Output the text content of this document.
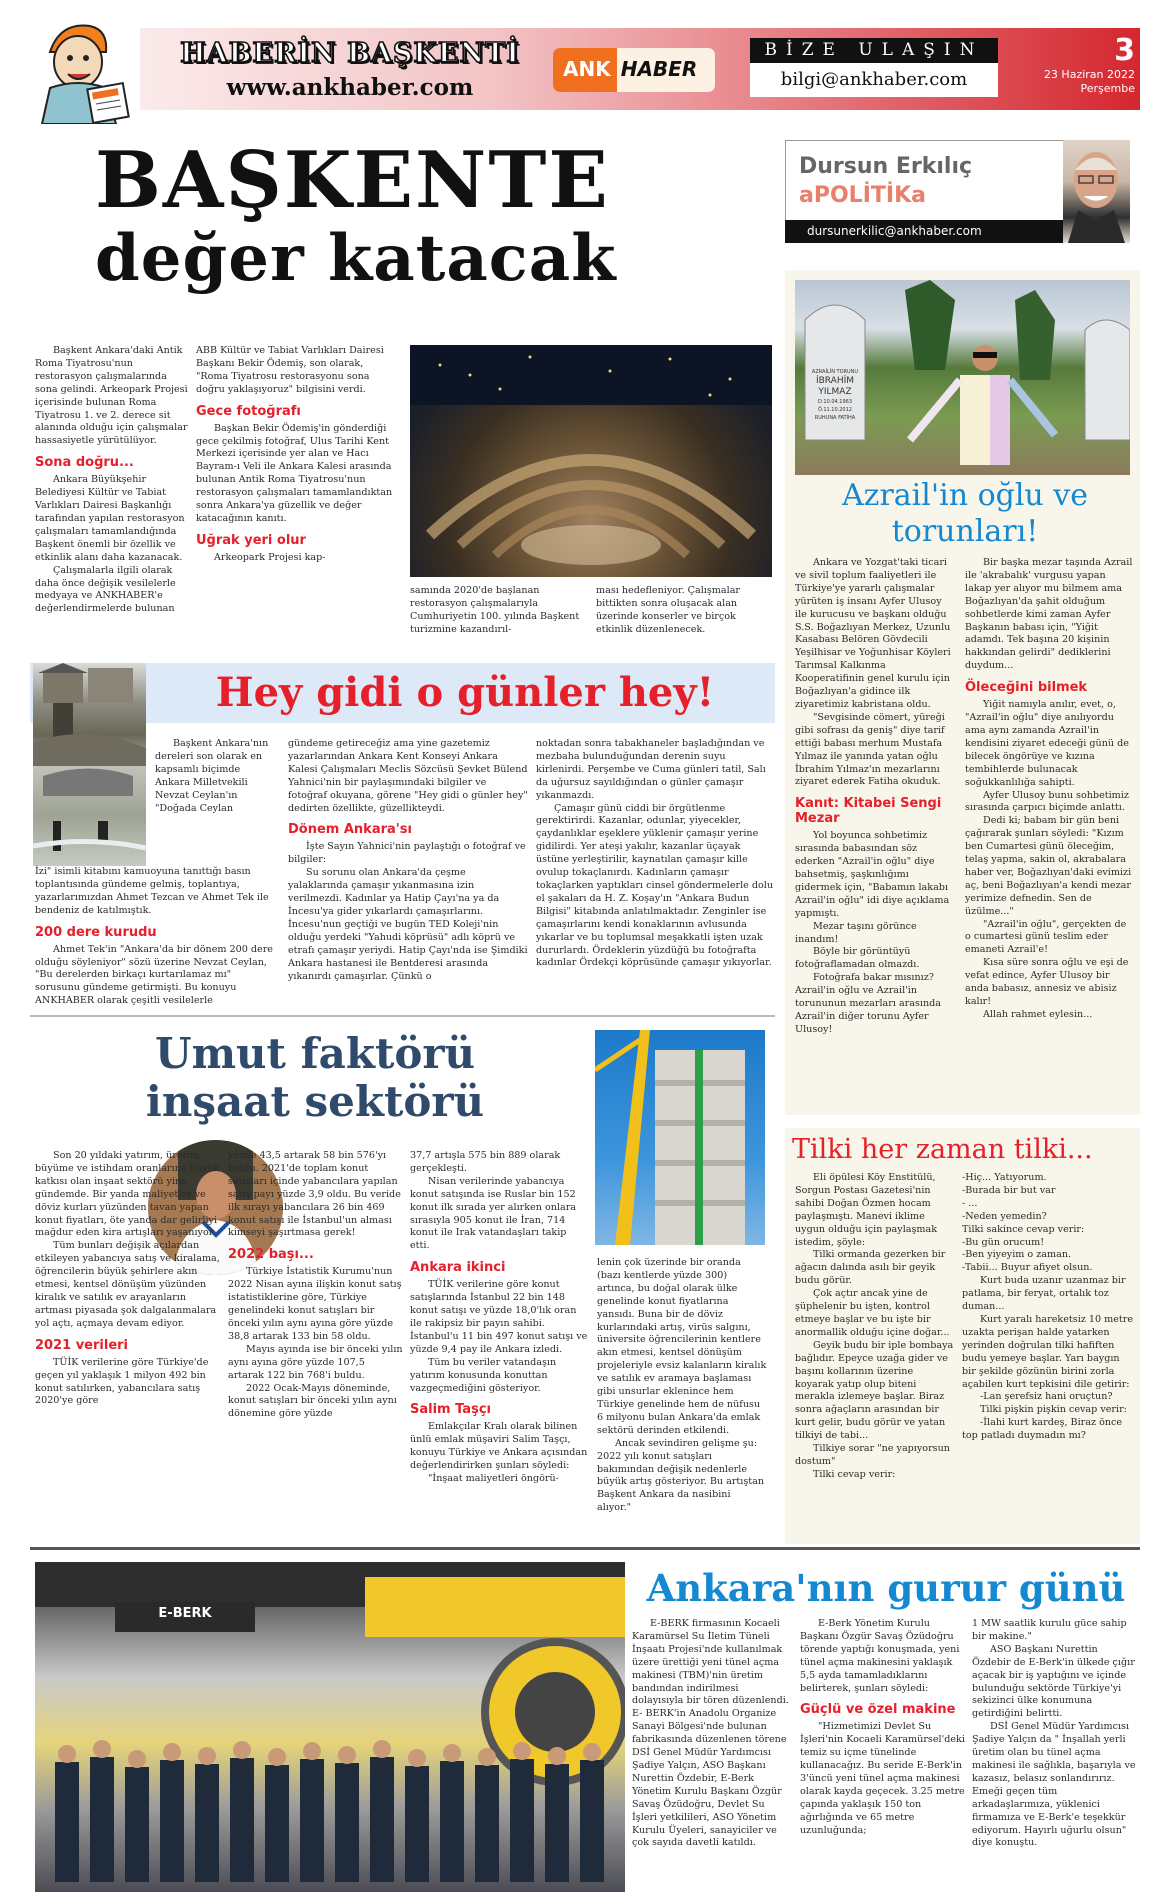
HABERİN BAŞKENTİ
www.ankhaber.com
ANK HABER
BİZE ULAŞIN
bilgi@ankhaber.com
3
23 Haziran 2022
Perşembe
BAŞKENTE
değer katacak

Başkent Ankara'daki Antik Roma Tiyatrosu'nun restorasyon çalışmalarında sona gelindi. Arkeopark Projesi içerisinde bulunan Roma Tiyatrosu 1. ve 2. derece sit alanında olduğu için çalışmalar hassasiyetle yürütülüyor.

Sona doğru...

Ankara Büyükşehir Belediyesi Kültür ve Tabiat Varlıkları Dairesi Başkanlığı tarafından yapılan restorasyon çalışmaları tamamlandığında Başkent önemli bir özellik ve etkinlik alanı daha kazanacak.

Çalışmalarla ilgili olarak daha önce değişik vesilelerle medyaya ve ANKHABER'e değerlendirmelerde bulunan

ABB Kültür ve Tabiat Varlıkları Dairesi Başkanı Bekir Ödemiş, son olarak, "Roma Tiyatrosu restorasyonu sona doğru yaklaşıyoruz" bilgisini verdi.

Gece fotoğrafı

Başkan Bekir Ödemiş'in gönderdiği gece çekilmiş fotoğraf, Ulus Tarihi Kent Merkezi içerisinde yer alan ve Hacı Bayram-ı Veli ile Ankara Kalesi arasında bulunan Antik Roma Tiyatrosu'nun restorasyon çalışmaları tamamlandıktan sonra Ankara'ya güzellik ve değer katacağının kanıtı.

Uğrak yeri olur

Arkeopark Projesi kap-

samında 2020'de başlanan restorasyon çalışmalarıyla Cumhuriyetin 100. yılında Başkent turizmine kazandırıl-

ması hedefleniyor. Çalışmalar bittikten sonra oluşacak alan üzerinde konserler ve birçok etkinlik düzenlenecek.

Dursun Erkılıç
aPOLİTİKa
dursunerkilic@ankhaber.com
AZRAİLİN TORUNU
İBRAHİM
YILMAZ
D.10.04.1963
Ö.11.10.2012
RUHUNA FATİHA
Azrail'in oğlu ve torunları!

Ankara ve Yozgat'taki ticari ve sivil toplum faaliyetleri ile Türkiye'ye yararlı çalışmalar yürüten iş insanı Ayfer Ulusoy ile kurucusu ve başkanı olduğu S.S. Boğazlıyan Merkez, Uzunlu Kasabası Belören Gövdecili Yeşilhisar ve Yoğunhisar Köyleri Tarımsal Kalkınma Kooperatifinin genel kurulu için Boğazlıyan'a gidince ilk ziyaretimiz kabristana oldu.

"Sevgisinde cömert, yüreği gibi sofrası da geniş" diye tarif ettiği babası merhum Mustafa Yılmaz ile yanında yatan oğlu İbrahim Yılmaz'ın mezarlarını ziyaret ederek Fatiha okuduk.

Kanıt: Kitabei Sengi Mezar

Yol boyunca sohbetimiz sırasında babasından söz ederken "Azrail'in oğlu" diye bahsetmiş, şaşkınlığımı gidermek için, "Babamın lakabı Azrail'in oğlu" idi diye açıklama yapmıştı.

Mezar taşını görünce inandım!

Böyle bir görüntüyü fotoğraflamadan olmazdı.

Fotoğrafa bakar mısınız? Azrail'in oğlu ve Azrail'in torununun mezarları arasında Azrail'in diğer torunu Ayfer Ulusoy!

Bir başka mezar taşında Azrail ile 'akrabalık' vurgusu yapan lakap yer alıyor mu bilmem ama Boğazlıyan'da şahit olduğum sohbetlerde kimi zaman Ayfer Başkanın babası için, "Yiğit adamdı. Tek başına 20 kişinin hakkından gelirdi" dediklerini duydum...

Öleceğini bilmek

Yiğit namıyla anılır, evet, o, "Azrail'in oğlu" diye anılıyordu ama aynı zamanda Azrail'in kendisini ziyaret edeceği günü de bilecek öngörüye ve kızına tembihlerde bulunacak soğukkanlılığa sahipti.

Ayfer Ulusoy bunu sohbetimiz sırasında çarpıcı biçimde anlattı.

Dedi ki; babam bir gün beni çağırarak şunları söyledi: "Kızım ben Cumartesi günü öleceğim, telaş yapma, sakin ol, akrabalara haber ver, Boğazlıyan'daki evimizi aç, beni Boğazlıyan'a kendi mezar yerimize defnedin. Sen de üzülme..."

"Azrail'in oğlu", gerçekten de o cumartesi günü teslim eder emaneti Azrail'e!

Kısa süre sonra oğlu ve eşi de vefat edince, Ayfer Ulusoy bir anda babasız, annesiz ve abisiz kalır!

Allah rahmet eylesin...

Hey gidi o günler hey!

Başkent Ankara'nın dereleri son olarak en kapsamlı biçimde Ankara Milletvekili Nevzat Ceylan'ın "Doğada Ceylan

İzi" isimli kitabını kamuoyuna tanıttığı basın toplantısında gündeme gelmiş, toplantıya, yazarlarımızdan Ahmet Tezcan ve Ahmet Tek ile bendeniz de katılmıştık.

200 dere kurudu

Ahmet Tek'in "Ankara'da bir dönem 200 dere olduğu söyleniyor" sözü üzerine Nevzat Ceylan, "Bu derelerden birkaçı kurtarılamaz mı" sorusunu gündeme getirmişti. Bu konuyu ANKHABER olarak çeşitli vesilelerle

gündeme getireceğiz ama yine gazetemiz yazarlarından Ankara Kent Konseyi Ankara Kalesi Çalışmaları Meclis Sözcüsü Şevket Bülend Yahnici'nin bir paylaşımındaki bilgiler ve fotoğraf okuyana, görene "Hey gidi o günler hey" dedirten özellikte, güzellikteydi.

Dönem Ankara'sı

İşte Sayın Yahnici'nin paylaştığı o fotoğraf ve bilgiler:

Su sorunu olan Ankara'da çeşme yalaklarında çamaşır yıkanmasına izin verilmezdi. Kadınlar ya Hatip Çayı'na ya da İncesu'ya gider yıkarlardı çamaşırlarını. İncesu'nun geçtiği ve bugün TED Koleji'nin olduğu yerdeki "Yahudi köprüsü" adlı köprü ve etrafı çamaşır yeriydi. Hatip Çayı'nda ise Şimdiki Ankara hastanesi ile Bentderesi arasında yıkanırdı çamaşırlar. Çünkü o

noktadan sonra tabakhaneler başladığından ve mezbaha bulunduğundan derenin suyu kirlenirdi. Perşembe ve Cuma günleri tatil, Salı da uğursuz sayıldığından o günler çamaşır yıkanmazdı.

Çamaşır günü ciddi bir örgütlenme gerektirirdi. Kazanlar, odunlar, yiyecekler, çaydanlıklar eşeklere yüklenir çamaşır yerine gidilirdi. Yer ateşi yakılır, kazanlar üçayak üstüne yerleştirilir, kaynatılan çamaşır kille ovulup tokaçlanırdı. Kadınların çamaşır tokaçlarken yaptıkları cinsel göndermelerle dolu el şakaları da H. Z. Koşay'ın "Ankara Budun Bilgisi" kitabında anlatılmaktadır. Zenginler ise çamaşırlarını kendi konaklarının avlusunda yıkarlar ve bu toplumsal meşakkatli işten uzak dururlardı. Ördeklerin yüzdüğü bu fotoğrafta kadınlar Ördekçi köprüsünde çamaşır yıkıyorlar.

Umut faktörü
inşaat sektörü

Son 20 yıldaki yatırım, üretim, büyüme ve istihdam oranlarına büyük katkısı olan inşaat sektörü yine gündemde. Bir yanda maliyetler ve döviz kurları yüzünden tavan yapan konut fiyatları, öte yanda dar gelirliyi mağdur eden kira artışları yaşanıyor.

Tüm bunları değişik açılardan etkileyen yabancıya satış ve kiralama, öğrencilerin büyük şehirlere akın etmesi, kentsel dönüşüm yüzünden kiralık ve satılık ev arayanların artması piyasada şok dalgalanmalara yol açtı, açmaya devam ediyor.

2021 verileri

TÜİK verilerine göre Türkiye'de geçen yıl yaklaşık 1 milyon 492 bin konut satılırken, yabancılara satış 2020'ye göre

yüzde 43,5 artarak 58 bin 576'yı buldu. 2021'de toplam konut satışları içinde yabancılara yapılan satış payı yüzde 3,9 oldu. Bu veride ilk sırayı yabancılara 26 bin 469 konut satışı ile İstanbul'un alması kimseyi şaşırtmasa gerek!

2022 başı...

Türkiye İstatistik Kurumu'nun 2022 Nisan ayına ilişkin konut satış istatistiklerine göre, Türkiye genelindeki konut satışları bir önceki yılın aynı ayına göre yüzde 38,8 artarak 133 bin 58 oldu.

Mayıs ayında ise bir önceki yılın aynı ayına göre yüzde 107,5 artarak 122 bin 768'i buldu.

2022 Ocak-Mayıs döneminde, konut satışları bir önceki yılın aynı dönemine göre yüzde

37,7 artışla 575 bin 889 olarak gerçekleşti.

Nisan verilerinde yabancıya konut satışında ise Ruslar bin 152 konut ilk sırada yer alırken onlara sırasıyla 905 konut ile İran, 714 konut ile Irak vatandaşları takip etti.

Ankara ikinci

TÜİK verilerine göre konut satışlarında İstanbul 22 bin 148 konut satışı ve yüzde 18,0'lık oran ile rakipsiz bir payın sahibi. İstanbul'u 11 bin 497 konut satışı ve yüzde 9,4 pay ile Ankara izledi.

Tüm bu veriler vatandaşın yatırım konusunda konuttan vazgeçmediğini gösteriyor.

Salim Taşçı

Emlakçılar Kralı olarak bilinen ünlü emlak müşaviri Salim Taşçı, konuyu Türkiye ve Ankara açısından değerlendirirken şunları söyledi:

"İnşaat maliyetleri öngörü-

lenin çok üzerinde bir oranda (bazı kentlerde yüzde 300) artınca, bu doğal olarak ülke genelinde konut fiyatlarına yansıdı. Buna bir de döviz kurlarındaki artış, virüs salgını, üniversite öğrencilerinin kentlere akın etmesi, kentsel dönüşüm projeleriyle evsiz kalanların kiralık ve satılık ev aramaya başlaması gibi unsurlar eklenince hem Türkiye genelinde hem de nüfusu 6 milyonu bulan Ankara'da emlak sektörü derinden etkilendi.

Ancak sevindiren gelişme şu: 2022 yılı konut satışları bakımından değişik nedenlerle büyük artış gösteriyor. Bu artıştan Başkent Ankara da nasibini alıyor."

Tilki her zaman tilki...

Eli öpülesi Köy Enstitülü, Sorgun Postası Gazetesi'nin sahibi Doğan Özmen hocam paylaşmıştı. Manevi iklime uygun olduğu için paylaşmak istedim, şöyle:

Tilki ormanda gezerken bir ağacın dalında asılı bir geyik budu görür.

Çok açtır ancak yine de şüphelenir bu işten, kontrol etmeye başlar ve bu işte bir anormallik olduğu içine doğar...

Geyik budu bir iple bombaya bağlıdır. Epeyce uzağa gider ve başını kollarının üzerine koyarak yatıp olup biteni merakla izlemeye başlar. Biraz sonra ağaçların arasından bir kurt gelir, budu görür ve yatan tilkiyi de tabi...

Tilkiye sorar "ne yapıyorsun dostum"

Tilki cevap verir:

-Hiç... Yatıyorum.

-Burada bir but var

- ...

-Neden yemedin?

Tilki sakince cevap verir:

-Bu gün orucum!

-Ben yiyeyim o zaman.

-Tabii... Buyur afiyet olsun.

Kurt buda uzanır uzanmaz bir patlama, bir feryat, ortalık toz duman...

Kurt yaralı hareketsiz 10 metre uzakta perişan halde yatarken yerinden doğrulan tilki hafiften budu yemeye başlar. Yarı baygın bir şekilde gözünün birini zorla açabilen kurt tepkisini dile getirir:

-Lan şerefsiz hani oruçtun?

Tilki pişkin pişkin cevap verir:

-İlahi kurt kardeş, Biraz önce top patladı duymadın mı?

E-BERK
Ankara'nın gurur günü

E-BERK firmasının Kocaeli Karamürsel Su İletim Tüneli İnşaatı Projesi'nde kullanılmak üzere ürettiği yeni tünel açma makinesi (TBM)'nin üretim bandından indirilmesi dolayısıyla bir tören düzenlendi. E- BERK'in Anadolu Organize Sanayi Bölgesi'nde bulunan fabrikasında düzenlenen törene DSİ Genel Müdür Yardımcısı Şadiye Yalçın, ASO Başkanı Nurettin Özdebir, E-Berk Yönetim Kurulu Başkanı Özgür Savaş Özüdoğru, Devlet Su İşleri yetkilileri, ASO Yönetim Kurulu Üyeleri, sanayiciler ve çok sayıda davetli katıldı.

E-Berk Yönetim Kurulu Başkanı Özgür Savaş Özüdoğru törende yaptığı konuşmada, yeni tünel açma makinesini yaklaşık 5,5 ayda tamamladıklarını belirterek, şunları söyledi:

Güçlü ve özel makine

"Hizmetimizi Devlet Su İşleri'nin Kocaeli Karamürsel'deki temiz su içme tünelinde kullanacağız. Bu seride E-Berk'in 3'üncü yeni tünel açma makinesi olarak kayda geçecek. 3.25 metre çapında yaklaşık 150 ton ağırlığında ve 65 metre uzunluğunda;

1 MW saatlik kurulu güce sahip bir makine."

ASO Başkanı Nurettin Özdebir de E-Berk'in ülkede çığır açacak bir iş yaptığını ve içinde bulunduğu sektörde Türkiye'yi sekizinci ülke konumuna getirdiğini belirtti.

DSİ Genel Müdür Yardımcısı Şadiye Yalçın da " İnşallah yerli üretim olan bu tünel açma makinesi ile sağlıkla, başarıyla ve kazasız, belasız sonlandırırız. Emeği geçen tüm arkadaşlarımıza, yüklenici firmamıza ve E-Berk'e teşekkür ediyorum. Hayırlı uğurlu olsun" diye konuştu.
